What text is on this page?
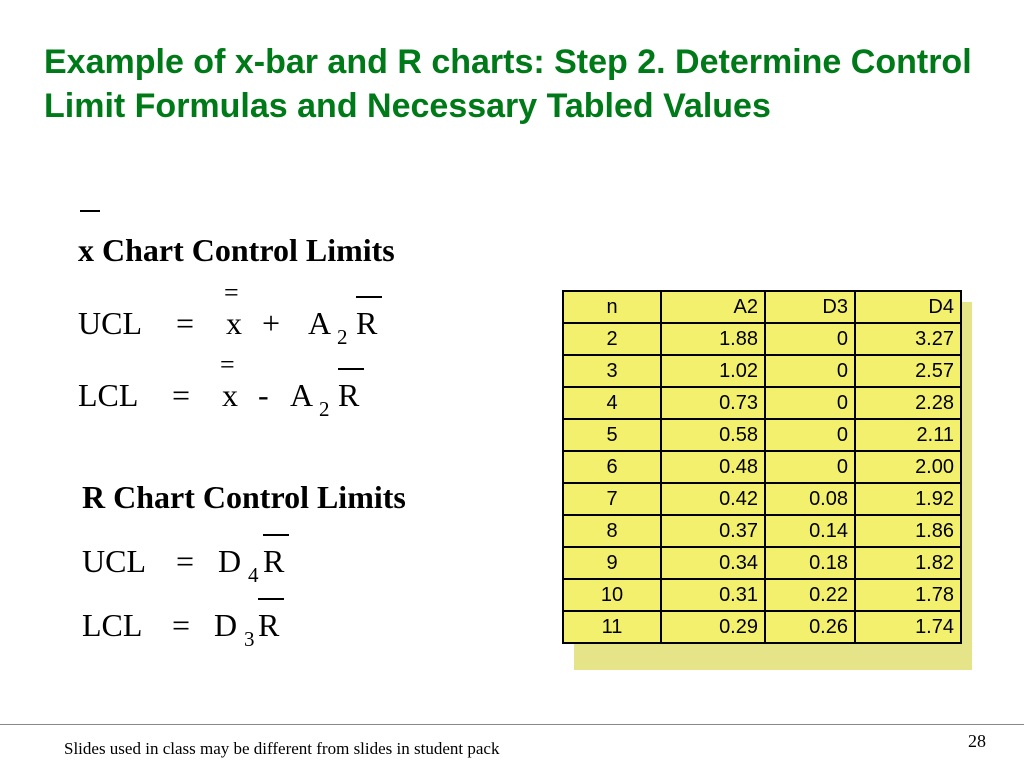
Example of x-bar and R charts: Step 2. Determine Control Limit Formulas and Necessary Tabled Values
x Chart Control Limits
UCL =
=
x + A 2 R
LCL =
=
x - A 2 R
R Chart Control Limits
UCL = D 4 R
LCL = D 3 R
n	A2	D3	D4
2	1.88	0	3.27
3	1.02	0	2.57
4	0.73	0	2.28
5	0.58	0	2.11
6	0.48	0	2.00
7	0.42	0.08	1.92
8	0.37	0.14	1.86
9	0.34	0.18	1.82
10	0.31	0.22	1.78
11	0.29	0.26	1.74
Slides used in class may be different from slides in student pack	28
